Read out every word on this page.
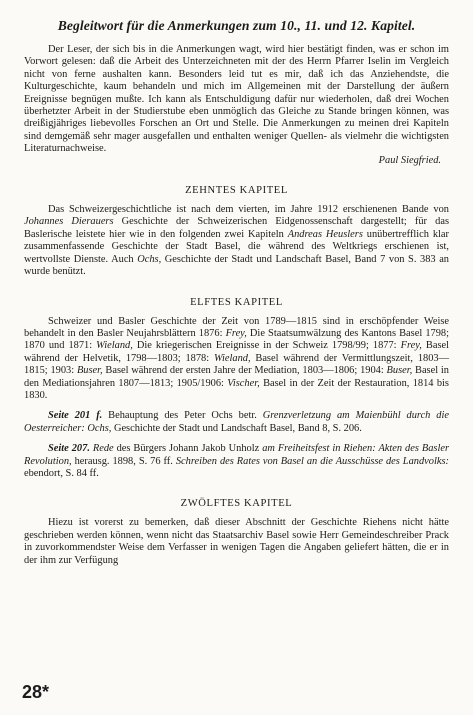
Begleitwort für die Anmerkungen zum 10., 11. und 12. Kapitel.

Der Leser, der sich bis in die Anmerkungen wagt, wird hier bestätigt finden, was er schon im Vorwort gelesen: daß die Arbeit des Unterzeichneten mit der des Herrn Pfarrer Iselin im Vergleich nicht von ferne aushalten kann. Besonders leid tut es mir, daß ich das Anziehendste, die Kulturgeschichte, kaum behandeln und mich im Allgemeinen mit der Darstellung der äußern Ereignisse begnügen mußte. Ich kann als Entschuldigung dafür nur wiederholen, daß drei Wochen überhetzter Arbeit in der Studierstube eben unmöglich das Gleiche zu Stande bringen können, was dreißigjähriges liebevolles Forschen an Ort und Stelle. Die Anmerkungen zu meinen drei Kapiteln sind demgemäß sehr mager ausgefallen und enthalten weniger Quellen- als vielmehr die wichtigsten Literaturnachweise.

Paul Siegfried.
ZEHNTES KAPITEL

Das Schweizergeschichtliche ist nach dem vierten, im Jahre 1912 erschienenen Bande von Johannes Dierauers Geschichte der Schweizerischen Eidgenossenschaft dargestellt; für das Baslerische leistete hier wie in den folgenden zwei Kapiteln Andreas Heuslers unübertrefflich klar zusammenfassende Geschichte der Stadt Basel, die während des Weltkriegs erschienen ist, wertvollste Dienste. Auch Ochs, Geschichte der Stadt und Landschaft Basel, Band 7 von S. 383 an wurde benützt.

ELFTES KAPITEL

Schweizer und Basler Geschichte der Zeit von 1789—1815 sind in erschöpfender Weise behandelt in den Basler Neujahrsblättern 1876: Frey, Die Staatsumwälzung des Kantons Basel 1798; 1870 und 1871: Wieland, Die kriegerischen Ereignisse in der Schweiz 1798/99; 1877: Frey, Basel während der Helvetik, 1798—1803; 1878: Wieland, Basel während der Vermittlungszeit, 1803—1815; 1903: Buser, Basel während der ersten Jahre der Mediation, 1803—1806; 1904: Buser, Basel in den Mediationsjahren 1807—1813; 1905/1906: Vischer, Basel in der Zeit der Restauration, 1814 bis 1830.

Seite 201 f. Behauptung des Peter Ochs betr. Grenzverletzung am Maienbühl durch die Oesterreicher: Ochs, Geschichte der Stadt und Landschaft Basel, Band 8, S. 206.

Seite 207. Rede des Bürgers Johann Jakob Unholz am Freiheitsfest in Riehen: Akten des Basler Revolution, herausg. 1898, S. 76 ff. Schreiben des Rates von Basel an die Ausschüsse des Landvolks: ebendort, S. 84 ff.

ZWÖLFTES KAPITEL

Hiezu ist vorerst zu bemerken, daß dieser Abschnitt der Geschichte Riehens nicht hätte geschrieben werden können, wenn nicht das Staatsarchiv Basel sowie Herr Gemeindeschreiber Prack in zuvorkommendster Weise dem Verfasser in wenigen Tagen die Angaben geliefert hätten, die er in der ihm zur Verfügung

28*
